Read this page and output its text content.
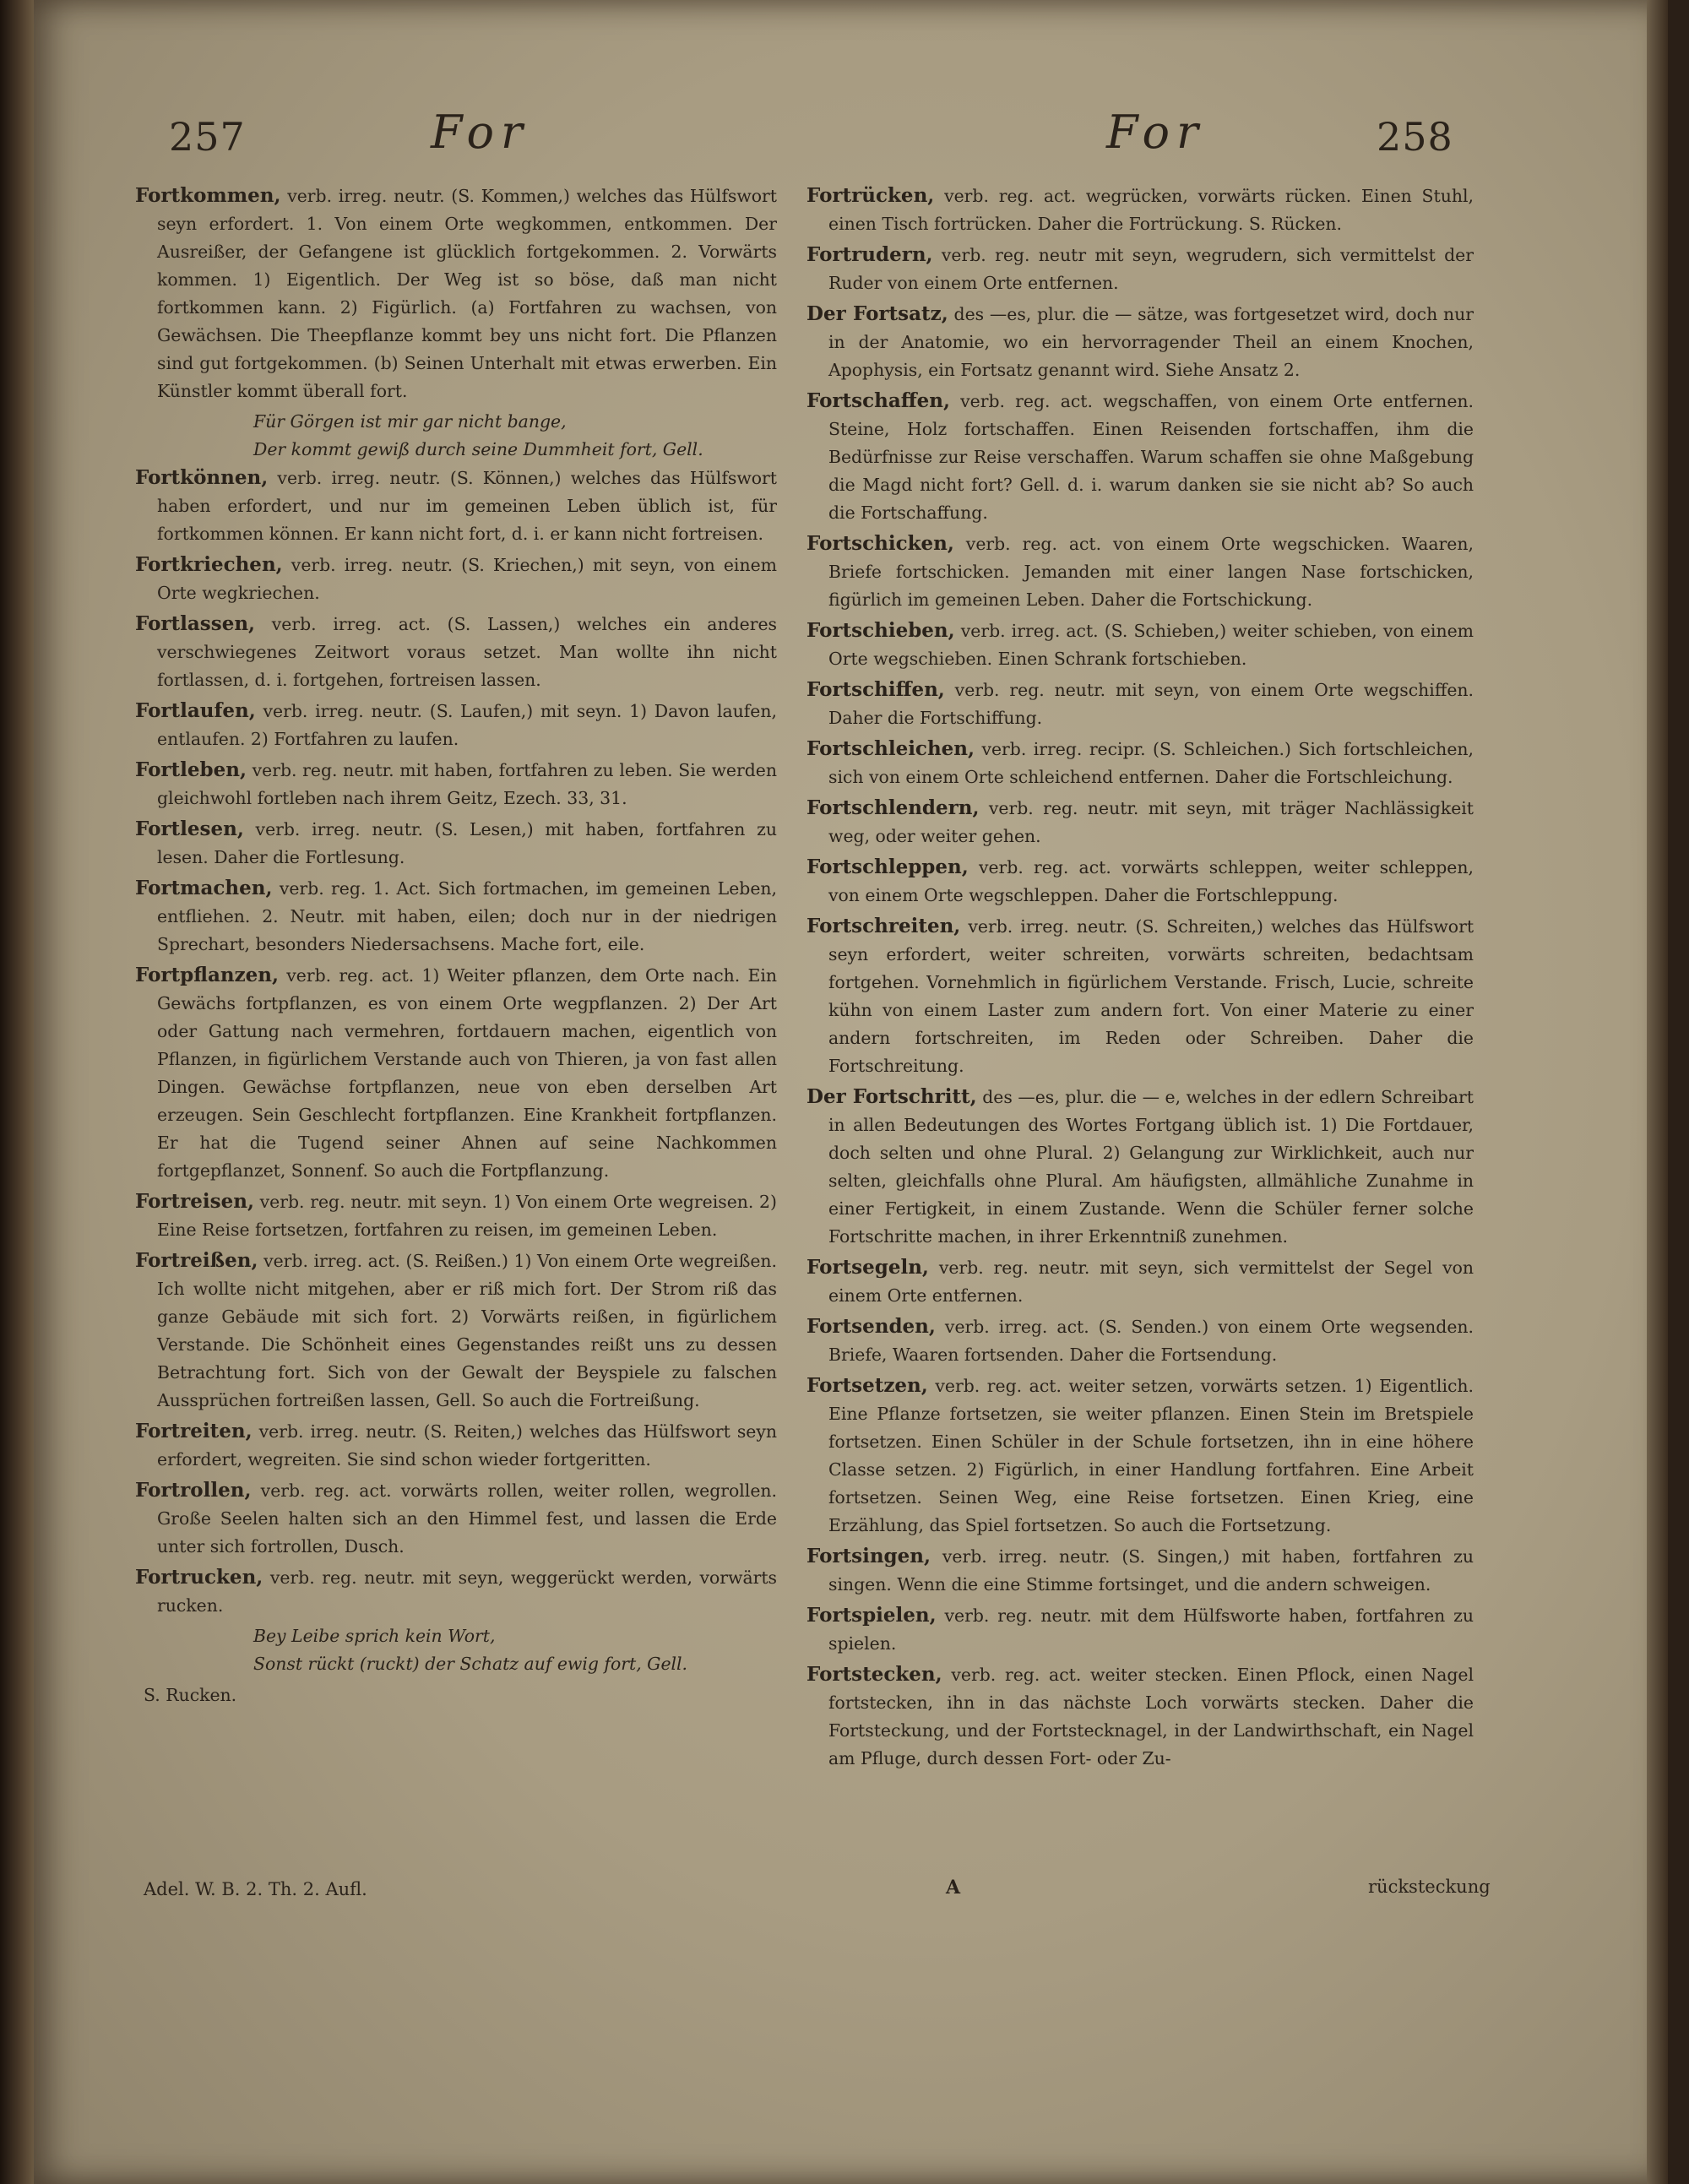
257	For	For	258

Fortkommen, verb. irreg. neutr. (S. Kommen,) welches das Hülfswort seyn erfordert. 1. Von einem Orte wegkommen, entkommen. Der Ausreißer, der Gefangene ist glücklich fortgekommen. 2. Vorwärts kommen. 1) Eigentlich. Der Weg ist so böse, daß man nicht fortkommen kann. 2) Figürlich. (a) Fortfahren zu wachsen, von Gewächsen. Die Theepflanze kommt bey uns nicht fort. Die Pflanzen sind gut fortgekommen. (b) Seinen Unterhalt mit etwas erwerben. Ein Künstler kommt überall fort.

Für Görgen ist mir gar nicht bange,

Der kommt gewiß durch seine Dummheit fort, Gell.

Fortkönnen, verb. irreg. neutr. (S. Können,) welches das Hülfswort haben erfordert, und nur im gemeinen Leben üblich ist, für fortkommen können. Er kann nicht fort, d. i. er kann nicht fortreisen.

Fortkriechen, verb. irreg. neutr. (S. Kriechen,) mit seyn, von einem Orte wegkriechen.

Fortlassen, verb. irreg. act. (S. Lassen,) welches ein anderes verschwiegenes Zeitwort voraus setzet. Man wollte ihn nicht fortlassen, d. i. fortgehen, fortreisen lassen.

Fortlaufen, verb. irreg. neutr. (S. Laufen,) mit seyn. 1) Davon laufen, entlaufen. 2) Fortfahren zu laufen.

Fortleben, verb. reg. neutr. mit haben, fortfahren zu leben. Sie werden gleichwohl fortleben nach ihrem Geitz, Ezech. 33, 31.

Fortlesen, verb. irreg. neutr. (S. Lesen,) mit haben, fortfahren zu lesen. Daher die Fortlesung.

Fortmachen, verb. reg. 1. Act. Sich fortmachen, im gemeinen Leben, entfliehen. 2. Neutr. mit haben, eilen; doch nur in der niedrigen Sprechart, besonders Niedersachsens. Mache fort, eile.

Fortpflanzen, verb. reg. act. 1) Weiter pflanzen, dem Orte nach. Ein Gewächs fortpflanzen, es von einem Orte wegpflanzen. 2) Der Art oder Gattung nach vermehren, fortdauern machen, eigentlich von Pflanzen, in figürlichem Verstande auch von Thieren, ja von fast allen Dingen. Gewächse fortpflanzen, neue von eben derselben Art erzeugen. Sein Geschlecht fortpflanzen. Eine Krankheit fortpflanzen. Er hat die Tugend seiner Ahnen auf seine Nachkommen fortgepflanzet, Sonnenf. So auch die Fortpflanzung.

Fortreisen, verb. reg. neutr. mit seyn. 1) Von einem Orte wegreisen. 2) Eine Reise fortsetzen, fortfahren zu reisen, im gemeinen Leben.

Fortreißen, verb. irreg. act. (S. Reißen.) 1) Von einem Orte wegreißen. Ich wollte nicht mitgehen, aber er riß mich fort. Der Strom riß das ganze Gebäude mit sich fort. 2) Vorwärts reißen, in figürlichem Verstande. Die Schönheit eines Gegenstandes reißt uns zu dessen Betrachtung fort. Sich von der Gewalt der Beyspiele zu falschen Aussprüchen fortreißen lassen, Gell. So auch die Fortreißung.

Fortreiten, verb. irreg. neutr. (S. Reiten,) welches das Hülfswort seyn erfordert, wegreiten. Sie sind schon wieder fortgeritten.

Fortrollen, verb. reg. act. vorwärts rollen, weiter rollen, wegrollen. Große Seelen halten sich an den Himmel fest, und lassen die Erde unter sich fortrollen, Dusch.

Fortrucken, verb. reg. neutr. mit seyn, weggerückt werden, vorwärts rucken.

Bey Leibe sprich kein Wort,

Sonst rückt (ruckt) der Schatz auf ewig fort, Gell.

S. Rucken.

Fortrücken, verb. reg. act. wegrücken, vorwärts rücken. Einen Stuhl, einen Tisch fortrücken. Daher die Fortrückung. S. Rücken.

Fortrudern, verb. reg. neutr mit seyn, wegrudern, sich vermittelst der Ruder von einem Orte entfernen.

Der Fortsatz, des —es, plur. die — sätze, was fortgesetzet wird, doch nur in der Anatomie, wo ein hervorragender Theil an einem Knochen, Apophysis, ein Fortsatz genannt wird. Siehe Ansatz 2.

Fortschaffen, verb. reg. act. wegschaffen, von einem Orte entfernen. Steine, Holz fortschaffen. Einen Reisenden fortschaffen, ihm die Bedürfnisse zur Reise verschaffen. Warum schaffen sie ohne Maßgebung die Magd nicht fort? Gell. d. i. warum danken sie sie nicht ab? So auch die Fortschaffung.

Fortschicken, verb. reg. act. von einem Orte wegschicken. Waaren, Briefe fortschicken. Jemanden mit einer langen Nase fortschicken, figürlich im gemeinen Leben. Daher die Fortschickung.

Fortschieben, verb. irreg. act. (S. Schieben,) weiter schieben, von einem Orte wegschieben. Einen Schrank fortschieben.

Fortschiffen, verb. reg. neutr. mit seyn, von einem Orte wegschiffen. Daher die Fortschiffung.

Fortschleichen, verb. irreg. recipr. (S. Schleichen.) Sich fortschleichen, sich von einem Orte schleichend entfernen. Daher die Fortschleichung.

Fortschlendern, verb. reg. neutr. mit seyn, mit träger Nachlässigkeit weg, oder weiter gehen.

Fortschleppen, verb. reg. act. vorwärts schleppen, weiter schleppen, von einem Orte wegschleppen. Daher die Fortschleppung.

Fortschreiten, verb. irreg. neutr. (S. Schreiten,) welches das Hülfswort seyn erfordert, weiter schreiten, vorwärts schreiten, bedachtsam fortgehen. Vornehmlich in figürlichem Verstande. Frisch, Lucie, schreite kühn von einem Laster zum andern fort. Von einer Materie zu einer andern fortschreiten, im Reden oder Schreiben. Daher die Fortschreitung.

Der Fortschritt, des —es, plur. die — e, welches in der edlern Schreibart in allen Bedeutungen des Wortes Fortgang üblich ist. 1) Die Fortdauer, doch selten und ohne Plural. 2) Gelangung zur Wirklichkeit, auch nur selten, gleichfalls ohne Plural. Am häufigsten, allmähliche Zunahme in einer Fertigkeit, in einem Zustande. Wenn die Schüler ferner solche Fortschritte machen, in ihrer Erkenntniß zunehmen.

Fortsegeln, verb. reg. neutr. mit seyn, sich vermittelst der Segel von einem Orte entfernen.

Fortsenden, verb. irreg. act. (S. Senden.) von einem Orte wegsenden. Briefe, Waaren fortsenden. Daher die Fortsendung.

Fortsetzen, verb. reg. act. weiter setzen, vorwärts setzen. 1) Eigentlich. Eine Pflanze fortsetzen, sie weiter pflanzen. Einen Stein im Bretspiele fortsetzen. Einen Schüler in der Schule fortsetzen, ihn in eine höhere Classe setzen. 2) Figürlich, in einer Handlung fortfahren. Eine Arbeit fortsetzen. Seinen Weg, eine Reise fortsetzen. Einen Krieg, eine Erzählung, das Spiel fortsetzen. So auch die Fortsetzung.

Fortsingen, verb. irreg. neutr. (S. Singen,) mit haben, fortfahren zu singen. Wenn die eine Stimme fortsinget, und die andern schweigen.

Fortspielen, verb. reg. neutr. mit dem Hülfsworte haben, fortfahren zu spielen.

Fortstecken, verb. reg. act. weiter stecken. Einen Pflock, einen Nagel fortstecken, ihn in das nächste Loch vorwärts stecken. Daher die Fortsteckung, und der Fortstecknagel, in der Landwirthschaft, ein Nagel am Pfluge, durch dessen Fort- oder Zu-

Adel. W. B. 2. Th. 2. Aufl.	A	rücksteckung
